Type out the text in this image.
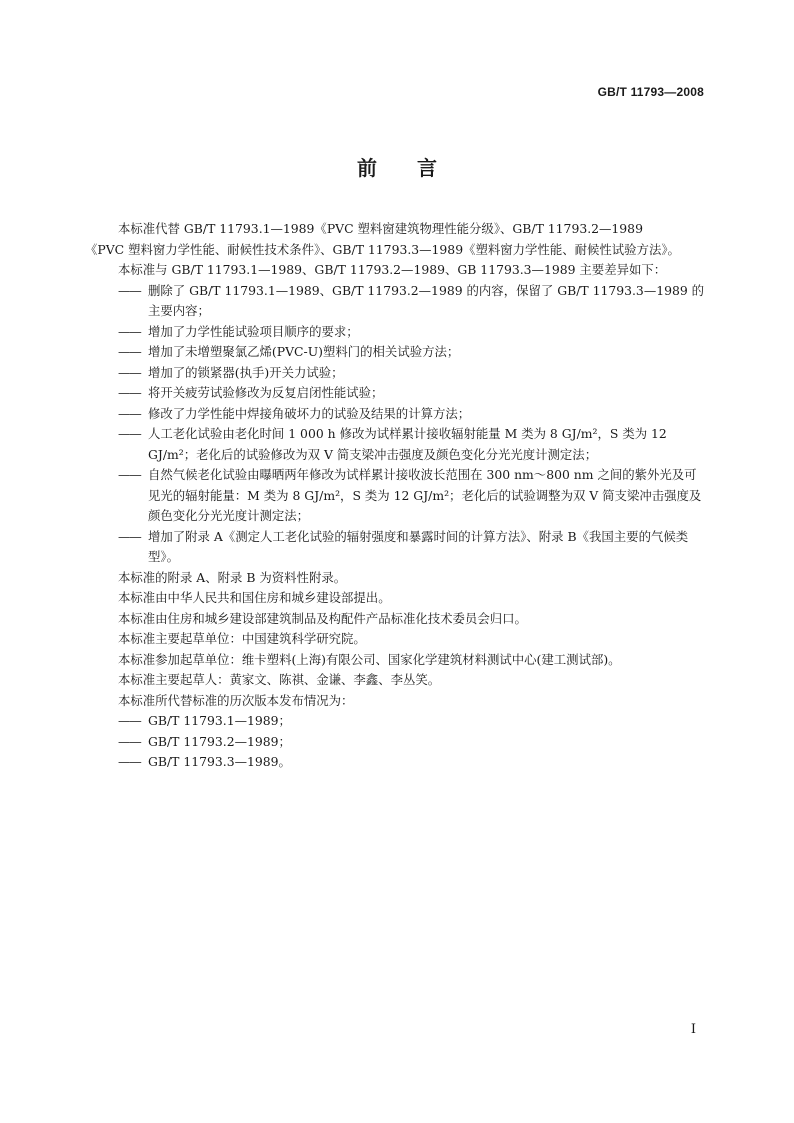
GB/T 11793—2008
前言

本标准代替 GB/T 11793.1—1989《PVC 塑料窗建筑物理性能分级》、GB/T 11793.2—1989

《PVC 塑料窗力学性能、耐候性技术条件》、GB/T 11793.3—1989《塑料窗力学性能、耐候性试验方法》。

本标准与 GB/T 11793.1—1989、GB/T 11793.2—1989、GB 11793.3—1989 主要差异如下：

—— 删除了 GB/T 11793.1—1989、GB/T 11793.2—1989 的内容，保留了 GB/T 11793.3—1989 的主要内容；
—— 增加了力学性能试验项目顺序的要求；
—— 增加了未增塑聚氯乙烯(PVC-U)塑料门的相关试验方法；
—— 增加了的锁紧器(执手)开关力试验；
—— 将开关疲劳试验修改为反复启闭性能试验；
—— 修改了力学性能中焊接角破坏力的试验及结果的计算方法；
—— 人工老化试验由老化时间 1 000 h 修改为试样累计接收辐射能量 M 类为 8 GJ/m²，S 类为 12 GJ/m²；老化后的试验修改为双 V 简支梁冲击强度及颜色变化分光光度计测定法；
—— 自然气候老化试验由曝晒两年修改为试样累计接收波长范围在 300 nm～800 nm 之间的紫外光及可见光的辐射能量：M 类为 8 GJ/m²，S 类为 12 GJ/m²；老化后的试验调整为双 V 简支梁冲击强度及颜色变化分光光度计测定法；
—— 增加了附录 A《测定人工老化试验的辐射强度和暴露时间的计算方法》、附录 B《我国主要的气候类型》。

本标准的附录 A、附录 B 为资料性附录。

本标准由中华人民共和国住房和城乡建设部提出。

本标准由住房和城乡建设部建筑制品及构配件产品标准化技术委员会归口。

本标准主要起草单位：中国建筑科学研究院。

本标准参加起草单位：维卡塑料(上海)有限公司、国家化学建筑材料测试中心(建工测试部)。

本标准主要起草人：黄家文、陈祺、金谦、李鑫、李丛笑。

本标准所代替标准的历次版本发布情况为：

—— GB/T 11793.1—1989；
—— GB/T 11793.2—1989；
—— GB/T 11793.3—1989。
I
